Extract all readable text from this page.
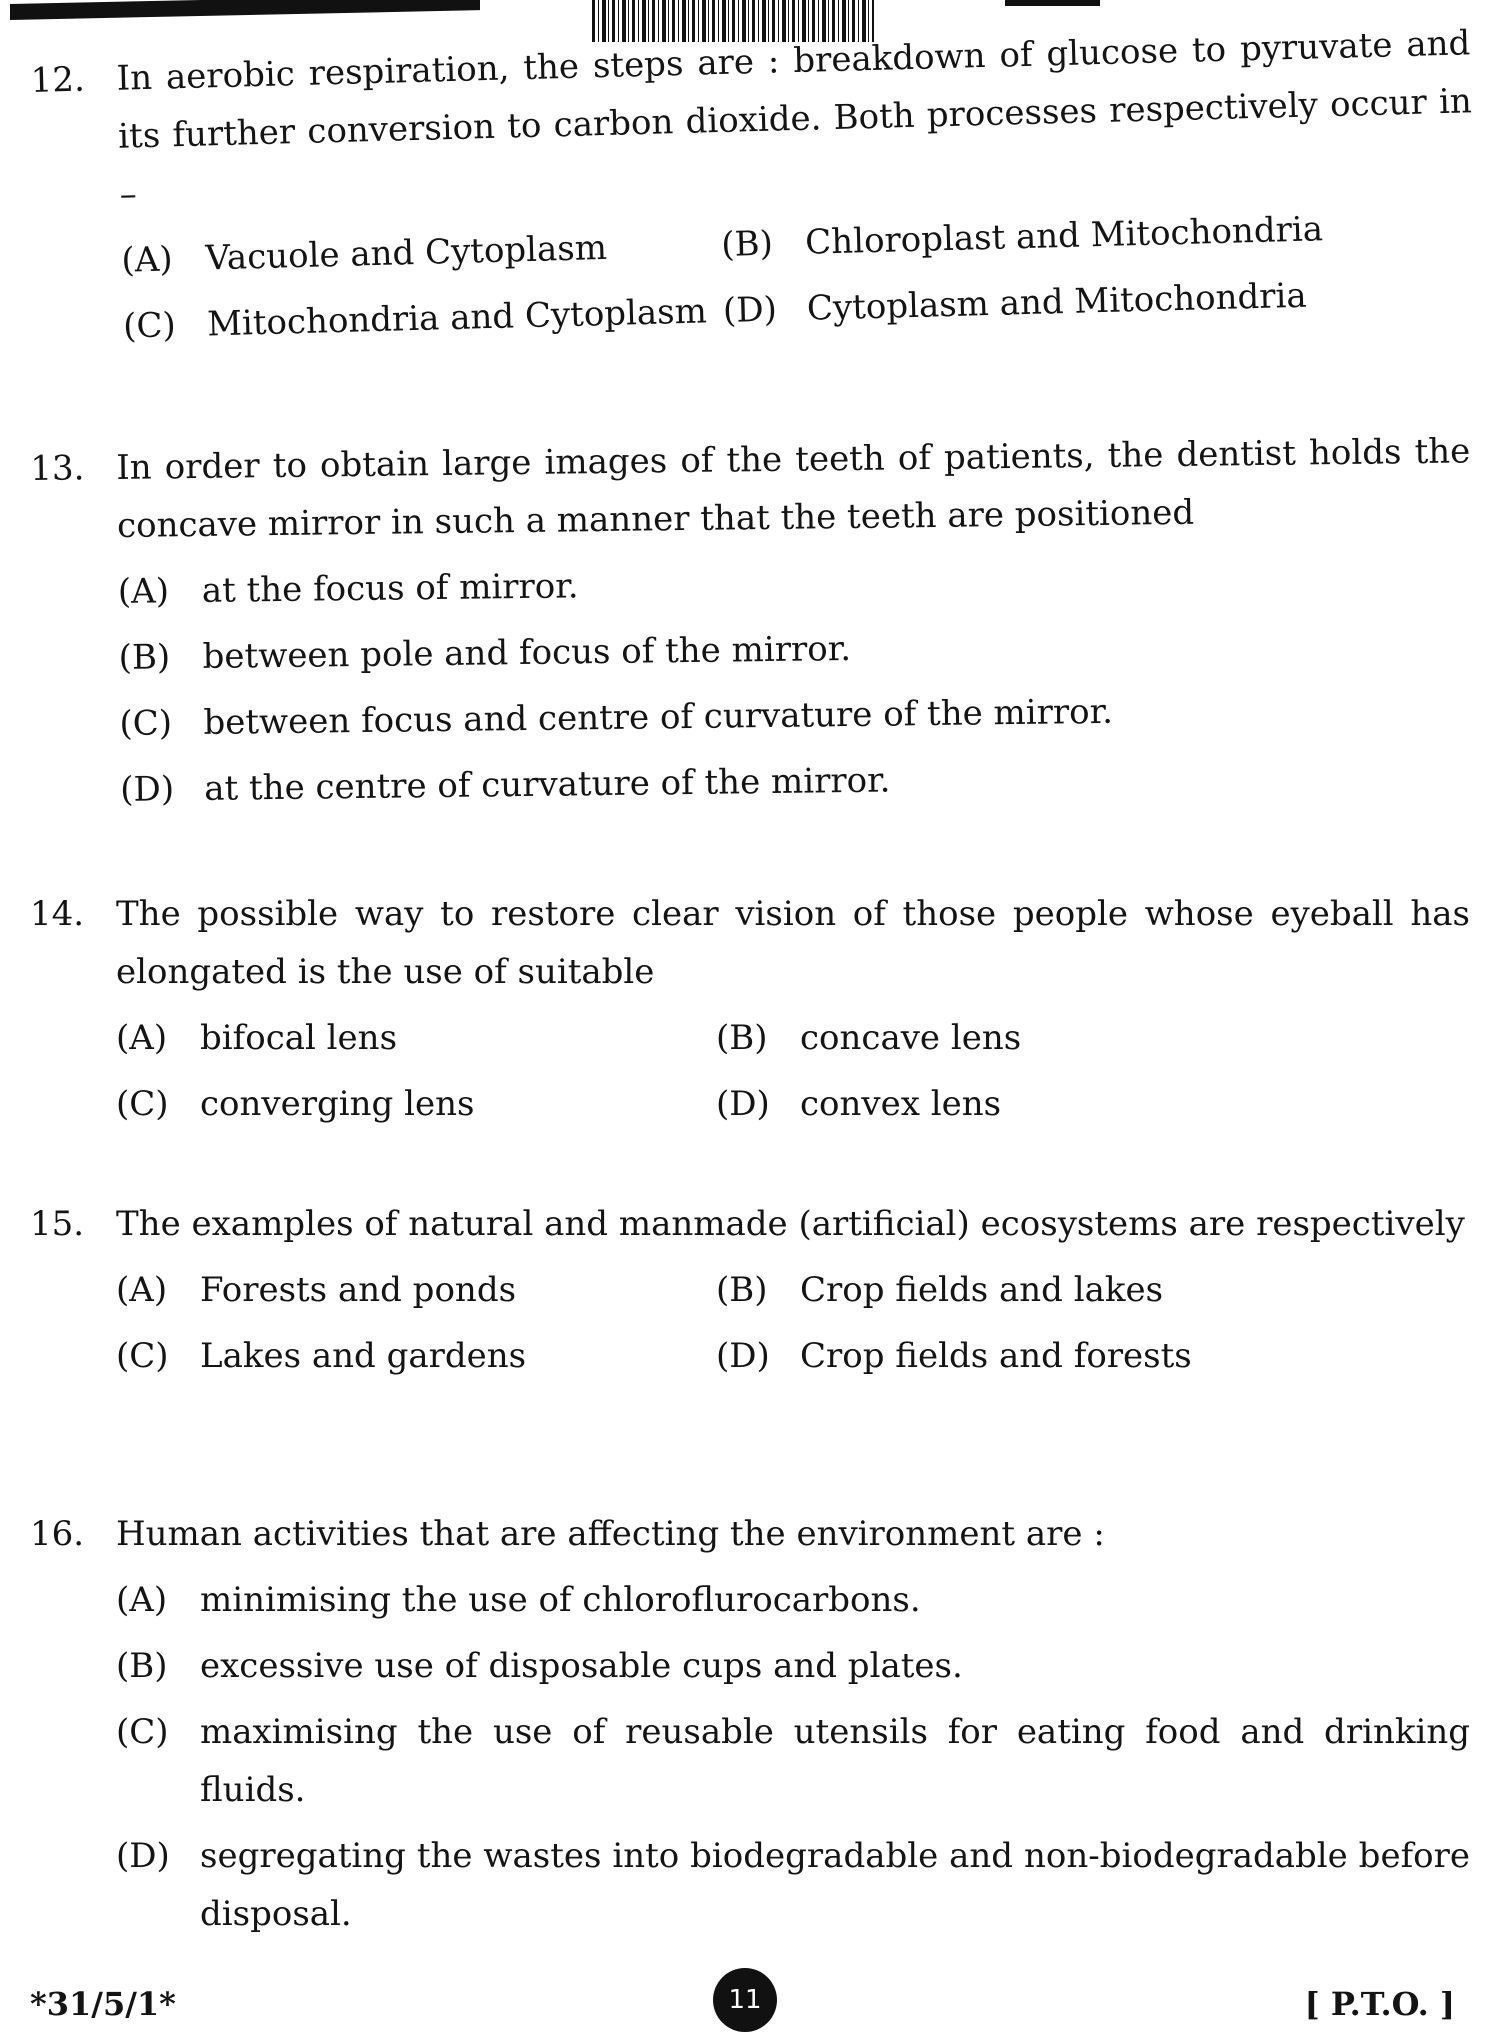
12. In aerobic respiration, the steps are : breakdown of glucose to pyruvate and its further conversion to carbon dioxide. Both processes respectively occur in –
(A) Vacuole and Cytoplasm	(B) Chloroplast and Mitochondria
(C) Mitochondria and Cytoplasm (D) Cytoplasm and Mitochondria
13. In order to obtain large images of the teeth of patients, the dentist holds the concave mirror in such a manner that the teeth are positioned
(A) at the focus of mirror.
(B) between pole and focus of the mirror.
(C) between focus and centre of curvature of the mirror.
(D) at the centre of curvature of the mirror.
14. The possible way to restore clear vision of those people whose eyeball has elongated is the use of suitable
(A) bifocal lens	(B) concave lens
(C) converging lens	(D) convex lens
15. The examples of natural and manmade (artificial) ecosystems are respectively
(A) Forests and ponds	(B) Crop fields and lakes
(C) Lakes and gardens	(D) Crop fields and forests
16. Human activities that are affecting the environment are :
(A) minimising the use of chloroflurocarbons.
(B) excessive use of disposable cups and plates.
(C) maximising the use of reusable utensils for eating food and drinking fluids.
(D) segregating the wastes into biodegradable and non-biodegradable before disposal.
*31/5/1*	11	[ P.T.O. ]
